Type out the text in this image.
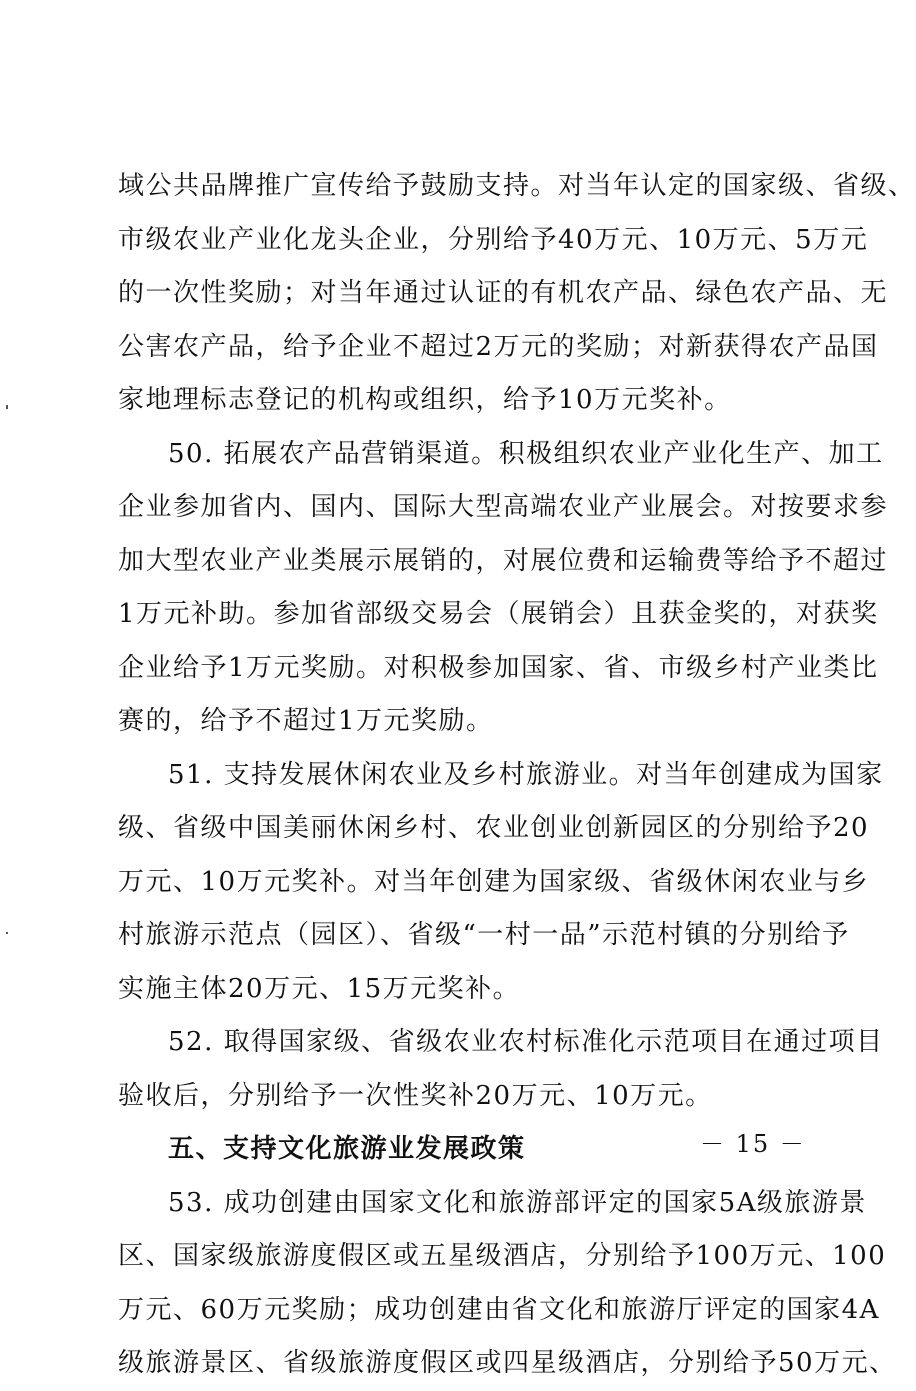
域公共品牌推广宣传给予鼓励支持。对当年认定的国家级、省级、
市级农业产业化龙头企业，分别给予40万元、10万元、5万元
的一次性奖励；对当年通过认证的有机农产品、绿色农产品、无
公害农产品，给予企业不超过2万元的奖励；对新获得农产品国
家地理标志登记的机构或组织，给予10万元奖补。
50. 拓展农产品营销渠道。积极组织农业产业化生产、加工
企业参加省内、国内、国际大型高端农业产业展会。对按要求参
加大型农业产业类展示展销的，对展位费和运输费等给予不超过
1万元补助。参加省部级交易会（展销会）且获金奖的，对获奖
企业给予1万元奖励。对积极参加国家、省、市级乡村产业类比
赛的，给予不超过1万元奖励。
51. 支持发展休闲农业及乡村旅游业。对当年创建成为国家
级、省级中国美丽休闲乡村、农业创业创新园区的分别给予20
万元、10万元奖补。对当年创建为国家级、省级休闲农业与乡
村旅游示范点（园区）、省级“一村一品”示范村镇的分别给予
实施主体20万元、15万元奖补。
52. 取得国家级、省级农业农村标准化示范项目在通过项目
验收后，分别给予一次性奖补20万元、10万元。
五、支持文化旅游业发展政策
53. 成功创建由国家文化和旅游部评定的国家5A级旅游景
区、国家级旅游度假区或五星级酒店，分别给予100万元、100
万元、60万元奖励；成功创建由省文化和旅游厅评定的国家4A
级旅游景区、省级旅游度假区或四星级酒店，分别给予50万元、
－ 15 －
